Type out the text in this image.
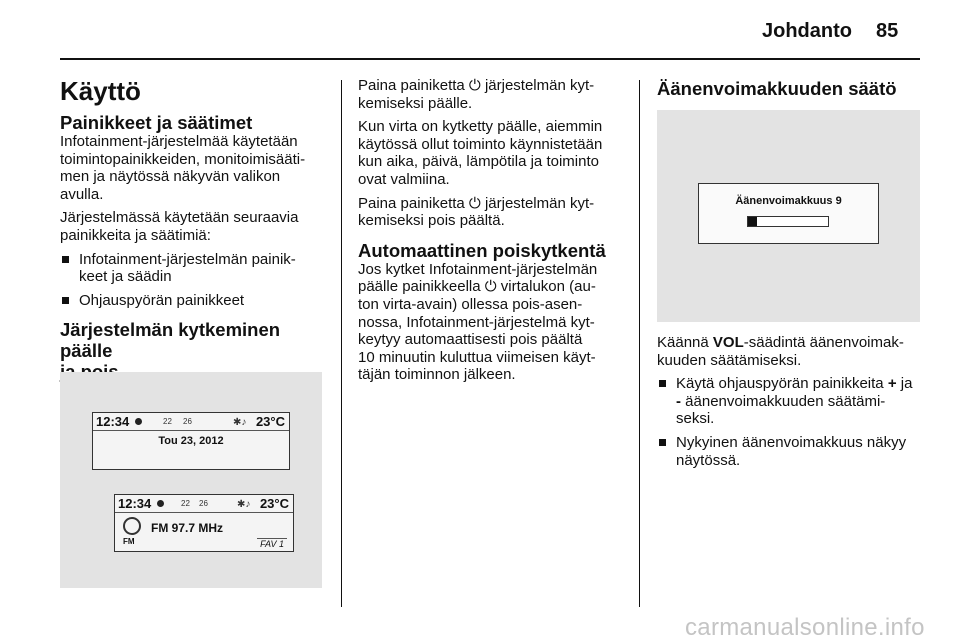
Johdanto 85
Käyttö
Painikkeet ja säätimet

Infotainment-järjestelmää käytetään
toimintopainikkeiden, monitoimisääti-
men ja näytössä näkyvän valikon
avulla.

Järjestelmässä käytetään seuraavia
painikkeita ja säätimiä:

Infotainment-järjestelmän painik-
keet ja säädin
Ohjauspyörän painikkeet
Järjestelmän kytkeminen päälle

12:34	22 26	✱♪ 23°C
Tou 23, 2012
12:34	22 26	✱♪ 23°C
FM
FM 97.7 MHz
FAV 1

Paina painiketta ⏻ järjestelmän kyt-
kemiseksi päälle.

Kun virta on kytketty päälle, aiemmin
käytössä ollut toiminto käynnistetään
kun aika, päivä, lämpötila ja toiminto
ovat valmiina.

Paina painiketta ⏻ järjestelmän kyt-
kemiseksi pois päältä.

Automaattinen poiskytkentä

Jos kytket Infotainment-järjestelmän
päälle painikkeella ⏻ virtalukon (au-
ton virta-avain) ollessa pois-asen-
nossa, Infotainment-järjestelmä kyt-
keytyy automaattisesti pois päältä
10 minuutin kuluttua viimeisen käyt-
täjän toiminnon jälkeen.

Äänenvoimakkuuden säätö
Äänenvoimakkuus 9

Käännä VOL-säädintä äänenvoimak-
kuuden säätämiseksi.

Käytä ohjauspyörän painikkeita + ja
- äänenvoimakkuuden säätämi-
seksi.
Nykyinen äänenvoimakkuus näkyy
näytössä.
carmanualsonline.info
